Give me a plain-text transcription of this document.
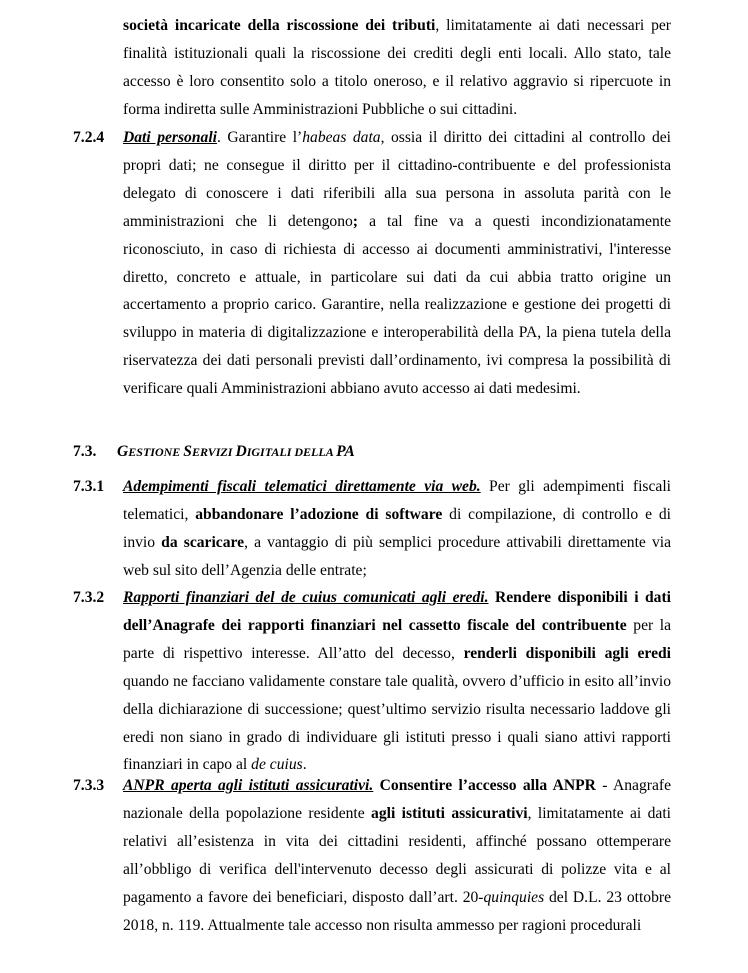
società incaricate della riscossione dei tributi, limitatamente ai dati necessari per finalità istituzionali quali la riscossione dei crediti degli enti locali. Allo stato, tale accesso è loro consentito solo a titolo oneroso, e il relativo aggravio si ripercuote in forma indiretta sulle Amministrazioni Pubbliche o sui cittadini.

7.2.4 Dati personali. Garantire l’habeas data, ossia il diritto dei cittadini al controllo dei propri dati; ne consegue il diritto per il cittadino-contribuente e del professionista delegato di conoscere i dati riferibili alla sua persona in assoluta parità con le amministrazioni che li detengono; a tal fine va a questi incondizionatamente riconosciuto, in caso di richiesta di accesso ai documenti amministrativi, l'interesse diretto, concreto e attuale, in particolare sui dati da cui abbia tratto origine un accertamento a proprio carico. Garantire, nella realizzazione e gestione dei progetti di sviluppo in materia di digitalizzazione e interoperabilità della PA, la piena tutela della riservatezza dei dati personali previsti dall’ordinamento, ivi compresa la possibilità di verificare quali Amministrazioni abbiano avuto accesso ai dati medesimi.

7.3. GESTIONE SERVIZI DIGITALI DELLA PA
7.3.1 Adempimenti fiscali telematici direttamente via web. Per gli adempimenti fiscali telematici, abbandonare l’adozione di software di compilazione, di controllo e di invio da scaricare, a vantaggio di più semplici procedure attivabili direttamente via web sul sito dell’Agenzia delle entrate;

7.3.2 Rapporti finanziari del de cuius comunicati agli eredi. Rendere disponibili i dati dell’Anagrafe dei rapporti finanziari nel cassetto fiscale del contribuente per la parte di rispettivo interesse. All’atto del decesso, renderli disponibili agli eredi quando ne facciano validamente constare tale qualità, ovvero d’ufficio in esito all’invio della dichiarazione di successione; quest’ultimo servizio risulta necessario laddove gli eredi non siano in grado di individuare gli istituti presso i quali siano attivi rapporti finanziari in capo al de cuius.

7.3.3 ANPR aperta agli istituti assicurativi. Consentire l’accesso alla ANPR - Anagrafe nazionale della popolazione residente agli istituti assicurativi, limitatamente ai dati relativi all’esistenza in vita dei cittadini residenti, affinché possano ottemperare all’obbligo di verifica dell'intervenuto decesso degli assicurati di polizze vita e al pagamento a favore dei beneficiari, disposto dall’art. 20-quinquies del D.L. 23 ottobre 2018, n. 119. Attualmente tale accesso non risulta ammesso per ragioni procedurali
